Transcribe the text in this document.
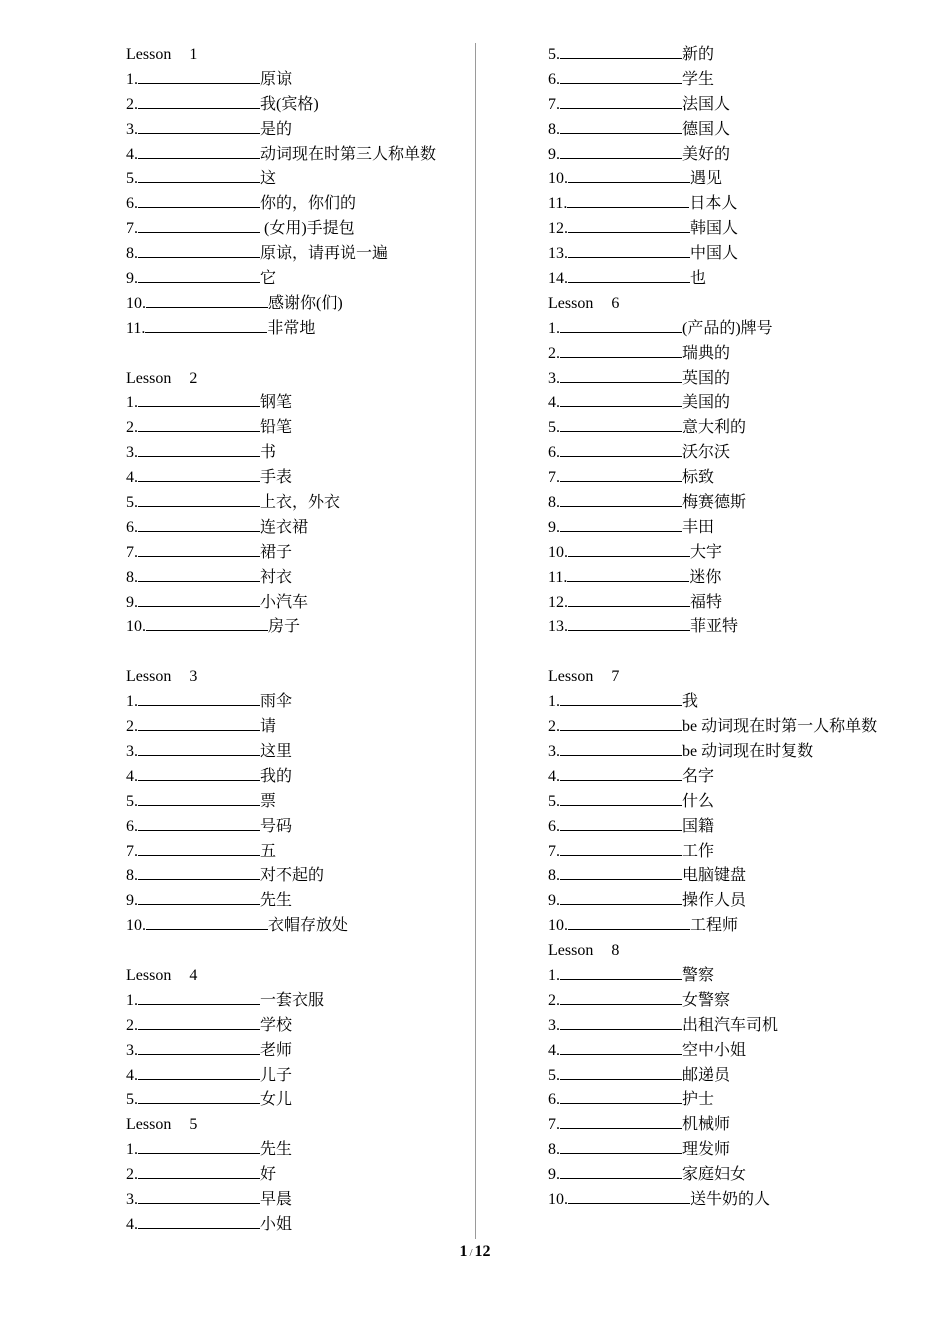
Lesson 1
1.	原谅
2.	我(宾格)
3.	是的
4.	动词现在时第三人称单数
5.	这
6.	你的，你们的
7.	(女用)手提包
8.	原谅，请再说一遍
9.	它
10.	感谢你(们)
11.	非常地
Lesson 2
1.	钢笔
2.	铅笔
3.	书
4.	手表
5.	上衣，外衣
6.	连衣裙
7.	裙子
8.	衬衣
9.	小汽车
10.	房子
Lesson 3
1.	雨伞
2.	请
3.	这里
4.	我的
5.	票
6.	号码
7.	五
8.	对不起的
9.	先生
10.	衣帽存放处
Lesson 4
1.	一套衣服
2.	学校
3.	老师
4.	儿子
5.	女儿
Lesson 5
1.	先生
2.	好
3.	早晨
4.	小姐
5.	新的
6.	学生
7.	法国人
8.	德国人
9.	美好的
10.	遇见
11.	日本人
12.	韩国人
13.	中国人
14.	也
Lesson 6
1.	(产品的)牌号
2.	瑞典的
3.	英国的
4.	美国的
5.	意大利的
6.	沃尔沃
7.	标致
8.	梅赛德斯
9.	丰田
10.	大宇
11.	迷你
12.	福特
13.	菲亚特
Lesson 7
1.	我
2.	be 动词现在时第一人称单数
3.	be 动词现在时复数
4.	名字
5.	什么
6.	国籍
7.	工作
8.	电脑键盘
9.	操作人员
10.	工程师
Lesson 8
1.	警察
2.	女警察
3.	出租汽车司机
4.	空中小姐
5.	邮递员
6.	护士
7.	机械师
8.	理发师
9.	家庭妇女
10.	送牛奶的人
1 / 12
